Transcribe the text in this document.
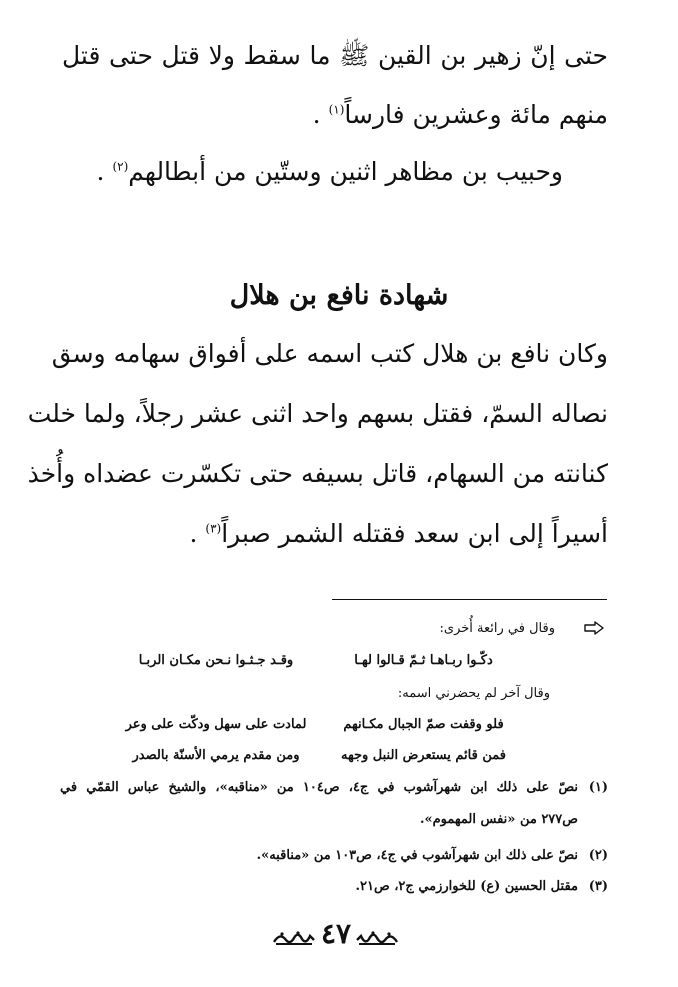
حتى إنّ زهير بن القين ﷺ ما سقط ولا قتل حتى قتل
منهم مائة وعشرين فارساً$^{(١)}$ .
وحبيب بن مظاهر اثنين وستّين من أبطالهم$^{(٢)}$ .
شهادة نافع بن هلال
وكان نافع بن هلال كتب اسمه على أفواق سهامه وسق
نصاله السمّ، فقتل بسهم واحد اثنى عشر رجلاً، ولما خلت
كنانته من السهام، قاتل بسيفه حتى تكسّرت عضداه وأُخذ
أسيراً إلى ابن سعد فقتله الشمر صبراً$^{(٣)}$ .
وقال في رائعة أُخرى:
دكّـوا ربـاهـا ثـمّ قـالوا لهـا
وقـد جـثـوا نـحن مكـان الربـا
وقال آخر لم يحضرني اسمه:
فلو وقفت صمّ الجبال مكـانهم
لمادت على سهل ودكّت على وعر
فمن قائم يستعرض النبل وجهه
ومن مقدم يرمي الأسنّة بالصدر
(١)
نصّ على ذلك ابن شهرآشوب في ج٤، ص١٠٤ من «مناقبه»، والشيخ عباس القمّي في
ص٢٧٧ من «نفس المهموم».
(٢)
نصّ على ذلك ابن شهرآشوب في ج٤، ص١٠٣ من «مناقبه».
(٣)
مقتل الحسين (ع) للخوارزمي ج٢، ص٢١.
٤٧
